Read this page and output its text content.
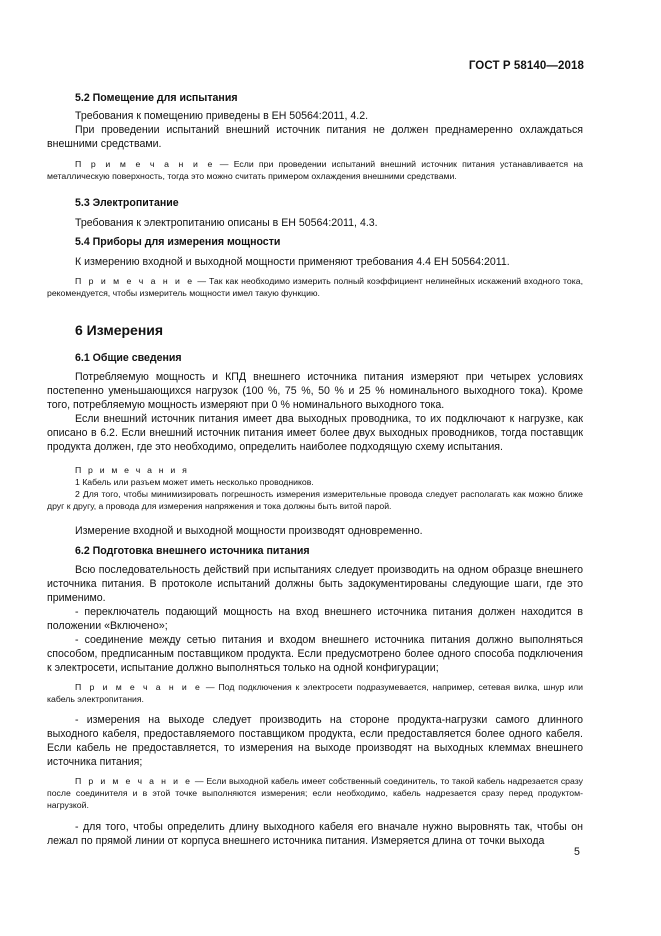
ГОСТ Р 58140—2018
5.2 Помещение для испытания
Требования к помещению приведены в ЕН 50564:2011, 4.2.
При проведении испытаний внешний источник питания не должен преднамеренно охлаждаться внешними средствами.
П р и м е ч а н и е — Если при проведении испытаний внешний источник питания устанавливается на металлическую поверхность, тогда это можно считать примером охлаждения внешними средствами.
5.3 Электропитание
Требования к электропитанию описаны в ЕН 50564:2011, 4.3.
5.4 Приборы для измерения мощности
К измерению входной и выходной мощности применяют требования 4.4 ЕН 50564:2011.
П р и м е ч а н и е — Так как необходимо измерить полный коэффициент нелинейных искажений входного тока, рекомендуется, чтобы измеритель мощности имел такую функцию.
6 Измерения
6.1 Общие сведения
Потребляемую мощность и КПД внешнего источника питания измеряют при четырех условиях постепенно уменьшающихся нагрузок (100 %, 75 %, 50 % и 25 % номинального выходного тока). Кроме того, потребляемую мощность измеряют при 0 % номинального выходного тока.
Если внешний источник питания имеет два выходных проводника, то их подключают к нагрузке, как описано в 6.2. Если внешний источник питания имеет более двух выходных проводников, тогда поставщик продукта должен, где это необходимо, определить наиболее подходящую схему испытания.
П р и м е ч а н и я
1 Кабель или разъем может иметь несколько проводников.
2 Для того, чтобы минимизировать погрешность измерения измерительные провода следует располагать как можно ближе друг к другу, а провода для измерения напряжения и тока должны быть витой парой.
Измерение входной и выходной мощности производят одновременно.
6.2 Подготовка внешнего источника питания
Всю последовательность действий при испытаниях следует производить на одном образце внешнего источника питания. В протоколе испытаний должны быть задокументированы следующие шаги, где это применимо.
- переключатель подающий мощность на вход внешнего источника питания должен находится в положении «Включено»;
- соединение между сетью питания и входом внешнего источника питания должно выполняться способом, предписанным поставщиком продукта. Если предусмотрено более одного способа подключения к электросети, испытание должно выполняться только на одной конфигурации;
П р и м е ч а н и е — Под подключения к электросети подразумевается, например, сетевая вилка, шнур или кабель электропитания.
- измерения на выходе следует производить на стороне продукта-нагрузки самого длинного выходного кабеля, предоставляемого поставщиком продукта, если предоставляется более одного кабеля. Если кабель не предоставляется, то измерения на выходе производят на выходных клеммах внешнего источника питания;
П р и м е ч а н и е — Если выходной кабель имеет собственный соединитель, то такой кабель надрезается сразу после соединителя и в этой точке выполняются измерения; если необходимо, кабель надрезается сразу перед продуктом-нагрузкой.
- для того, чтобы определить длину выходного кабеля его вначале нужно выровнять так, чтобы он лежал по прямой линии от корпуса внешнего источника питания. Измеряется длина от точки выхода
5
